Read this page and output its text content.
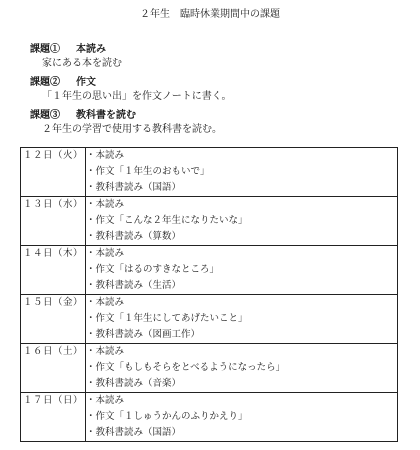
２年生　臨時休業期間中の課題
課題① 本読み
家にある本を読む
課題② 作文
「１年生の思い出」を作文ノートに書く。
課題③ 教科書を読む
２年生の学習で使用する教科書を読む。
１２日（火）	・本読み
・作文「１年生のおもいで」
・教科書読み（国語）

１３日（水）	・本読み
・作文「こんな２年生になりたいな」
・教科書読み（算数）

１４日（木）	・本読み
・作文「はるのすきなところ」
・教科書読み（生活）

１５日（金）	・本読み
・作文「１年生にしてあげたいこと」
・教科書読み（図画工作）

１６日（土）	・本読み
・作文「もしもそらをとべるようになったら」
・教科書読み（音楽）

１７日（日）	・本読み
・作文「１しゅうかんのふりかえり」
・教科書読み（国語）
